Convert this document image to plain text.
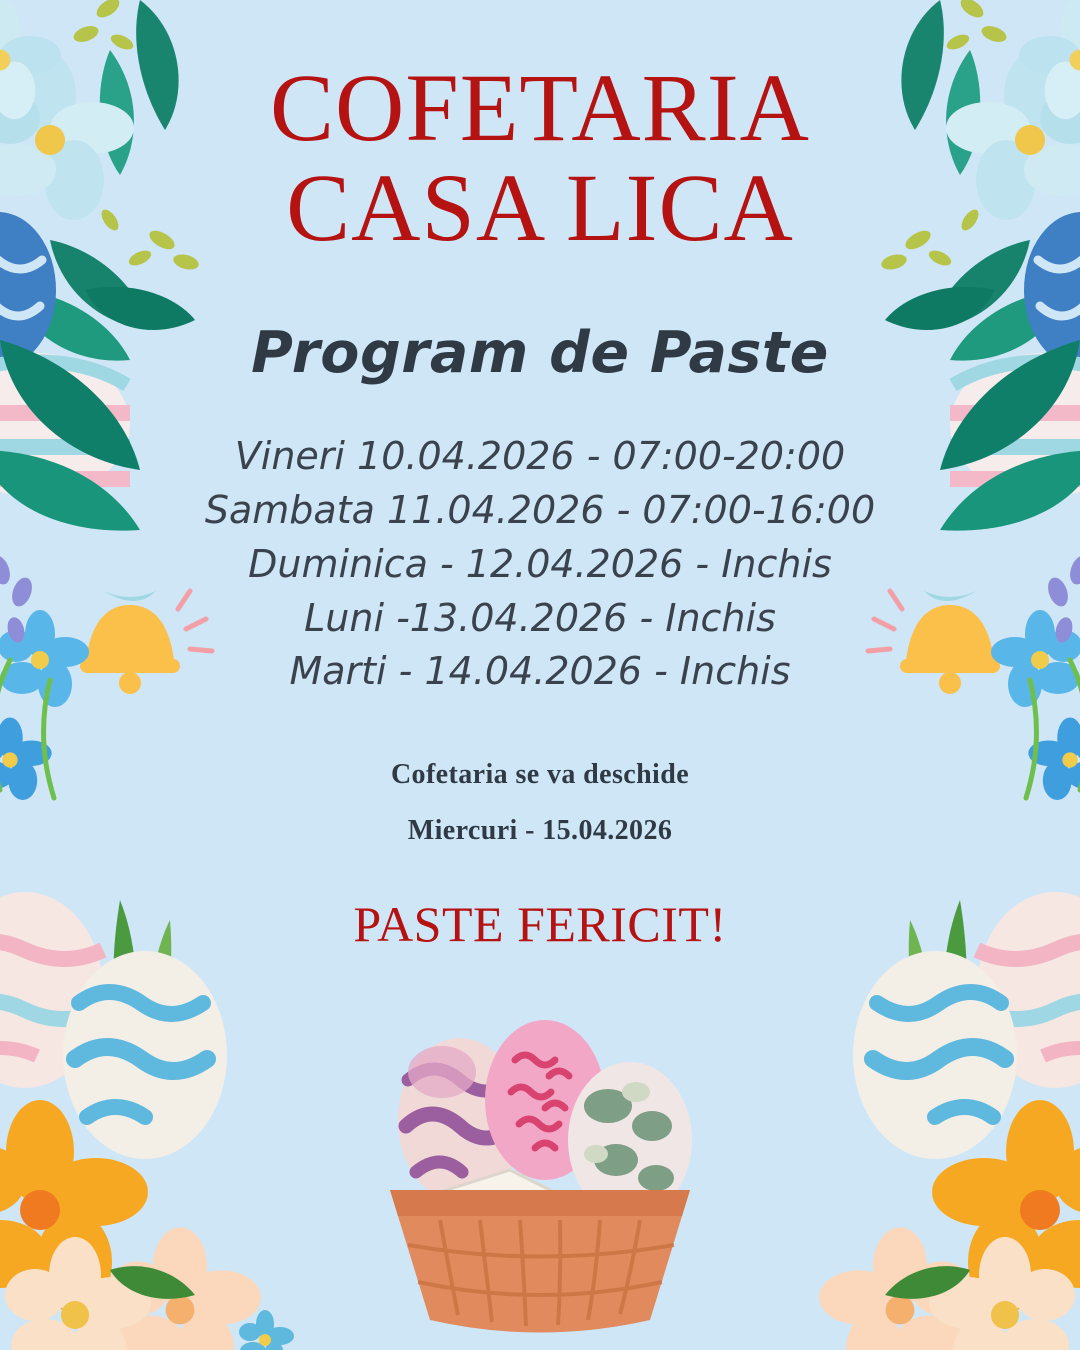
COFETARIA
CASA LICA
Program de Paste
Vineri 10.04.2026 - 07:00-20:00
Sambata 11.04.2026 - 07:00-16:00
Duminica - 12.04.2026 - Inchis
Luni -13.04.2026 - Inchis
Marti - 14.04.2026 - Inchis
Cofetaria se va deschide
Miercuri - 15.04.2026
PASTE FERICIT!
